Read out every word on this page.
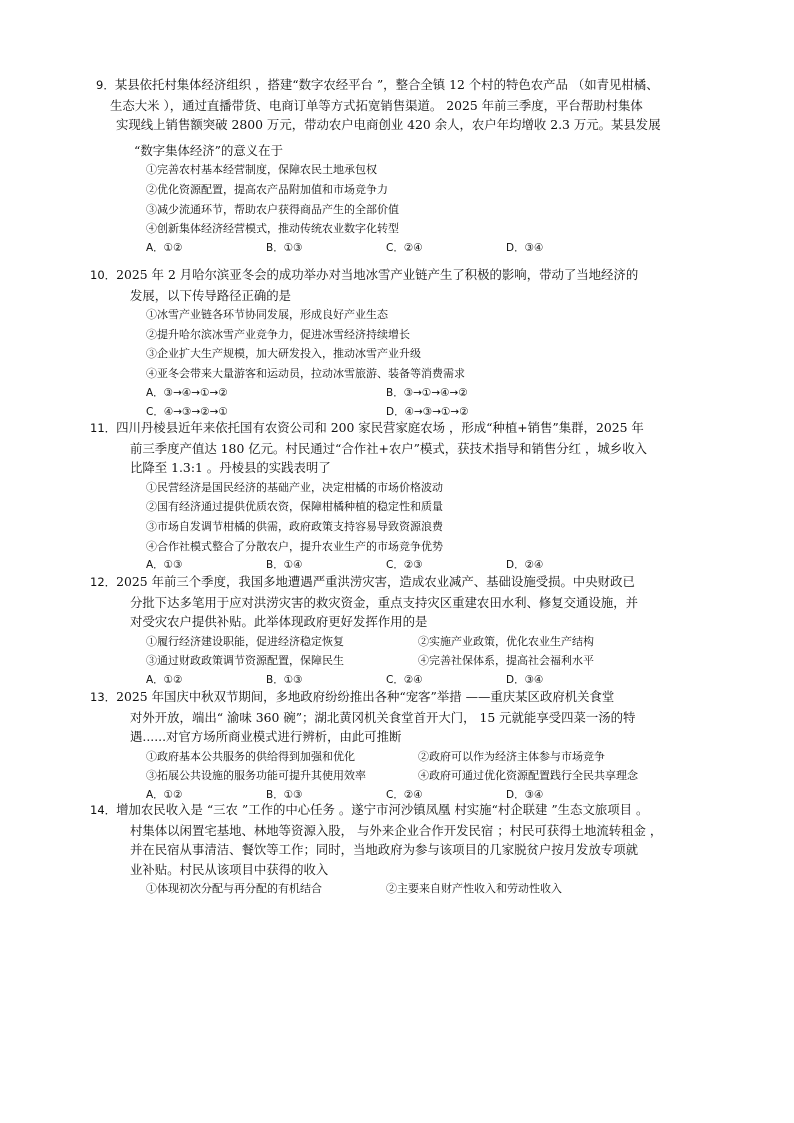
9．某县依托村集体经济组织 ，搭建“数字农经平台 ”，整合全镇 12 个村的特色农产品 （如青见柑橘、
生态大米 ），通过直播带货、电商订单等方式拓宽销售渠道。 2025 年前三季度，平台帮助村集体
实现线上销售额突破 2800 万元，带动农户电商创业 420 余人，农户年均增收 2.3 万元。某县发展
“数字集体经济”的意义在于
①完善农村基本经营制度，保障农民土地承包权
②优化资源配置，提高农产品附加值和市场竞争力
③减少流通环节，帮助农户获得商品产生的全部价值
④创新集体经济经营模式，推动传统农业数字化转型
A．①②	B．①③	C．②④	D．③④
10．2025 年 2 月哈尔滨亚冬会的成功举办对当地冰雪产业链产生了积极的影响，带动了当地经济的
发展，以下传导路径正确的是
①冰雪产业链各环节协同发展，形成良好产业生态
②提升哈尔滨冰雪产业竞争力，促进冰雪经济持续增长
③企业扩大生产规模，加大研发投入，推动冰雪产业升级
④亚冬会带来大量游客和运动员，拉动冰雪旅游、装备等消费需求
A．③→④→①→②	B．③→①→④→②
C．④→③→②→①	D．④→③→①→②
11．四川丹棱县近年来依托国有农资公司和 200 家民营家庭农场 ，形成“种植+销售”集群，2025 年
前三季度产值达 180 亿元。村民通过“合作社+农户”模式，获技术指导和销售分红 ，城乡收入
比降至 1.3:1 。丹棱县的实践表明了
①民营经济是国民经济的基础产业，决定柑橘的市场价格波动
②国有经济通过提供优质农资，保障柑橘种植的稳定性和质量
③市场自发调节柑橘的供需，政府政策支持容易导致资源浪费
④合作社模式整合了分散农户，提升农业生产的市场竞争优势
A．①③	B．①④	C．②③	D．②④
12．2025 年前三个季度，我国多地遭遇严重洪涝灾害，造成农业减产、基础设施受损。中央财政已
分批下达多笔用于应对洪涝灾害的救灾资金，重点支持灾区重建农田水利、修复交通设施，并
对受灾农户提供补贴。此举体现政府更好发挥作用的是
①履行经济建设职能，促进经济稳定恢复	②实施产业政策，优化农业生产结构
③通过财政政策调节资源配置，保障民生	④完善社保体系，提高社会福利水平
A．①②	B．①③	C．②④	D．③④
13．2025 年国庆中秋双节期间，多地政府纷纷推出各种“宠客”举措 ——重庆某区政府机关食堂
对外开放，端出“ 渝味 360 碗”；湖北黄冈机关食堂首开大门， 15 元就能享受四菜一汤的特
遇......对官方场所商业模式进行辨析，由此可推断
①政府基本公共服务的供给得到加强和优化	②政府可以作为经济主体参与市场竞争
③拓展公共设施的服务功能可提升其使用效率	④政府可通过优化资源配置践行全民共享理念
A．①②	B．①③	C．②④	D．③④
14．增加农民收入是 “三农 ”工作的中心任务 。遂宁市河沙镇凤凰 村实施“村企联建 ”生态文旅项目 。
村集体以闲置宅基地、林地等资源入股， 与外来企业合作开发民宿 ；村民可获得土地流转租金 ，
并在民宿从事清洁、餐饮等工作；同时，当地政府为参与该项目的几家脱贫户按月发放专项就
业补贴。村民从该项目中获得的收入
①体现初次分配与再分配的有机结合	②主要来自财产性收入和劳动性收入
